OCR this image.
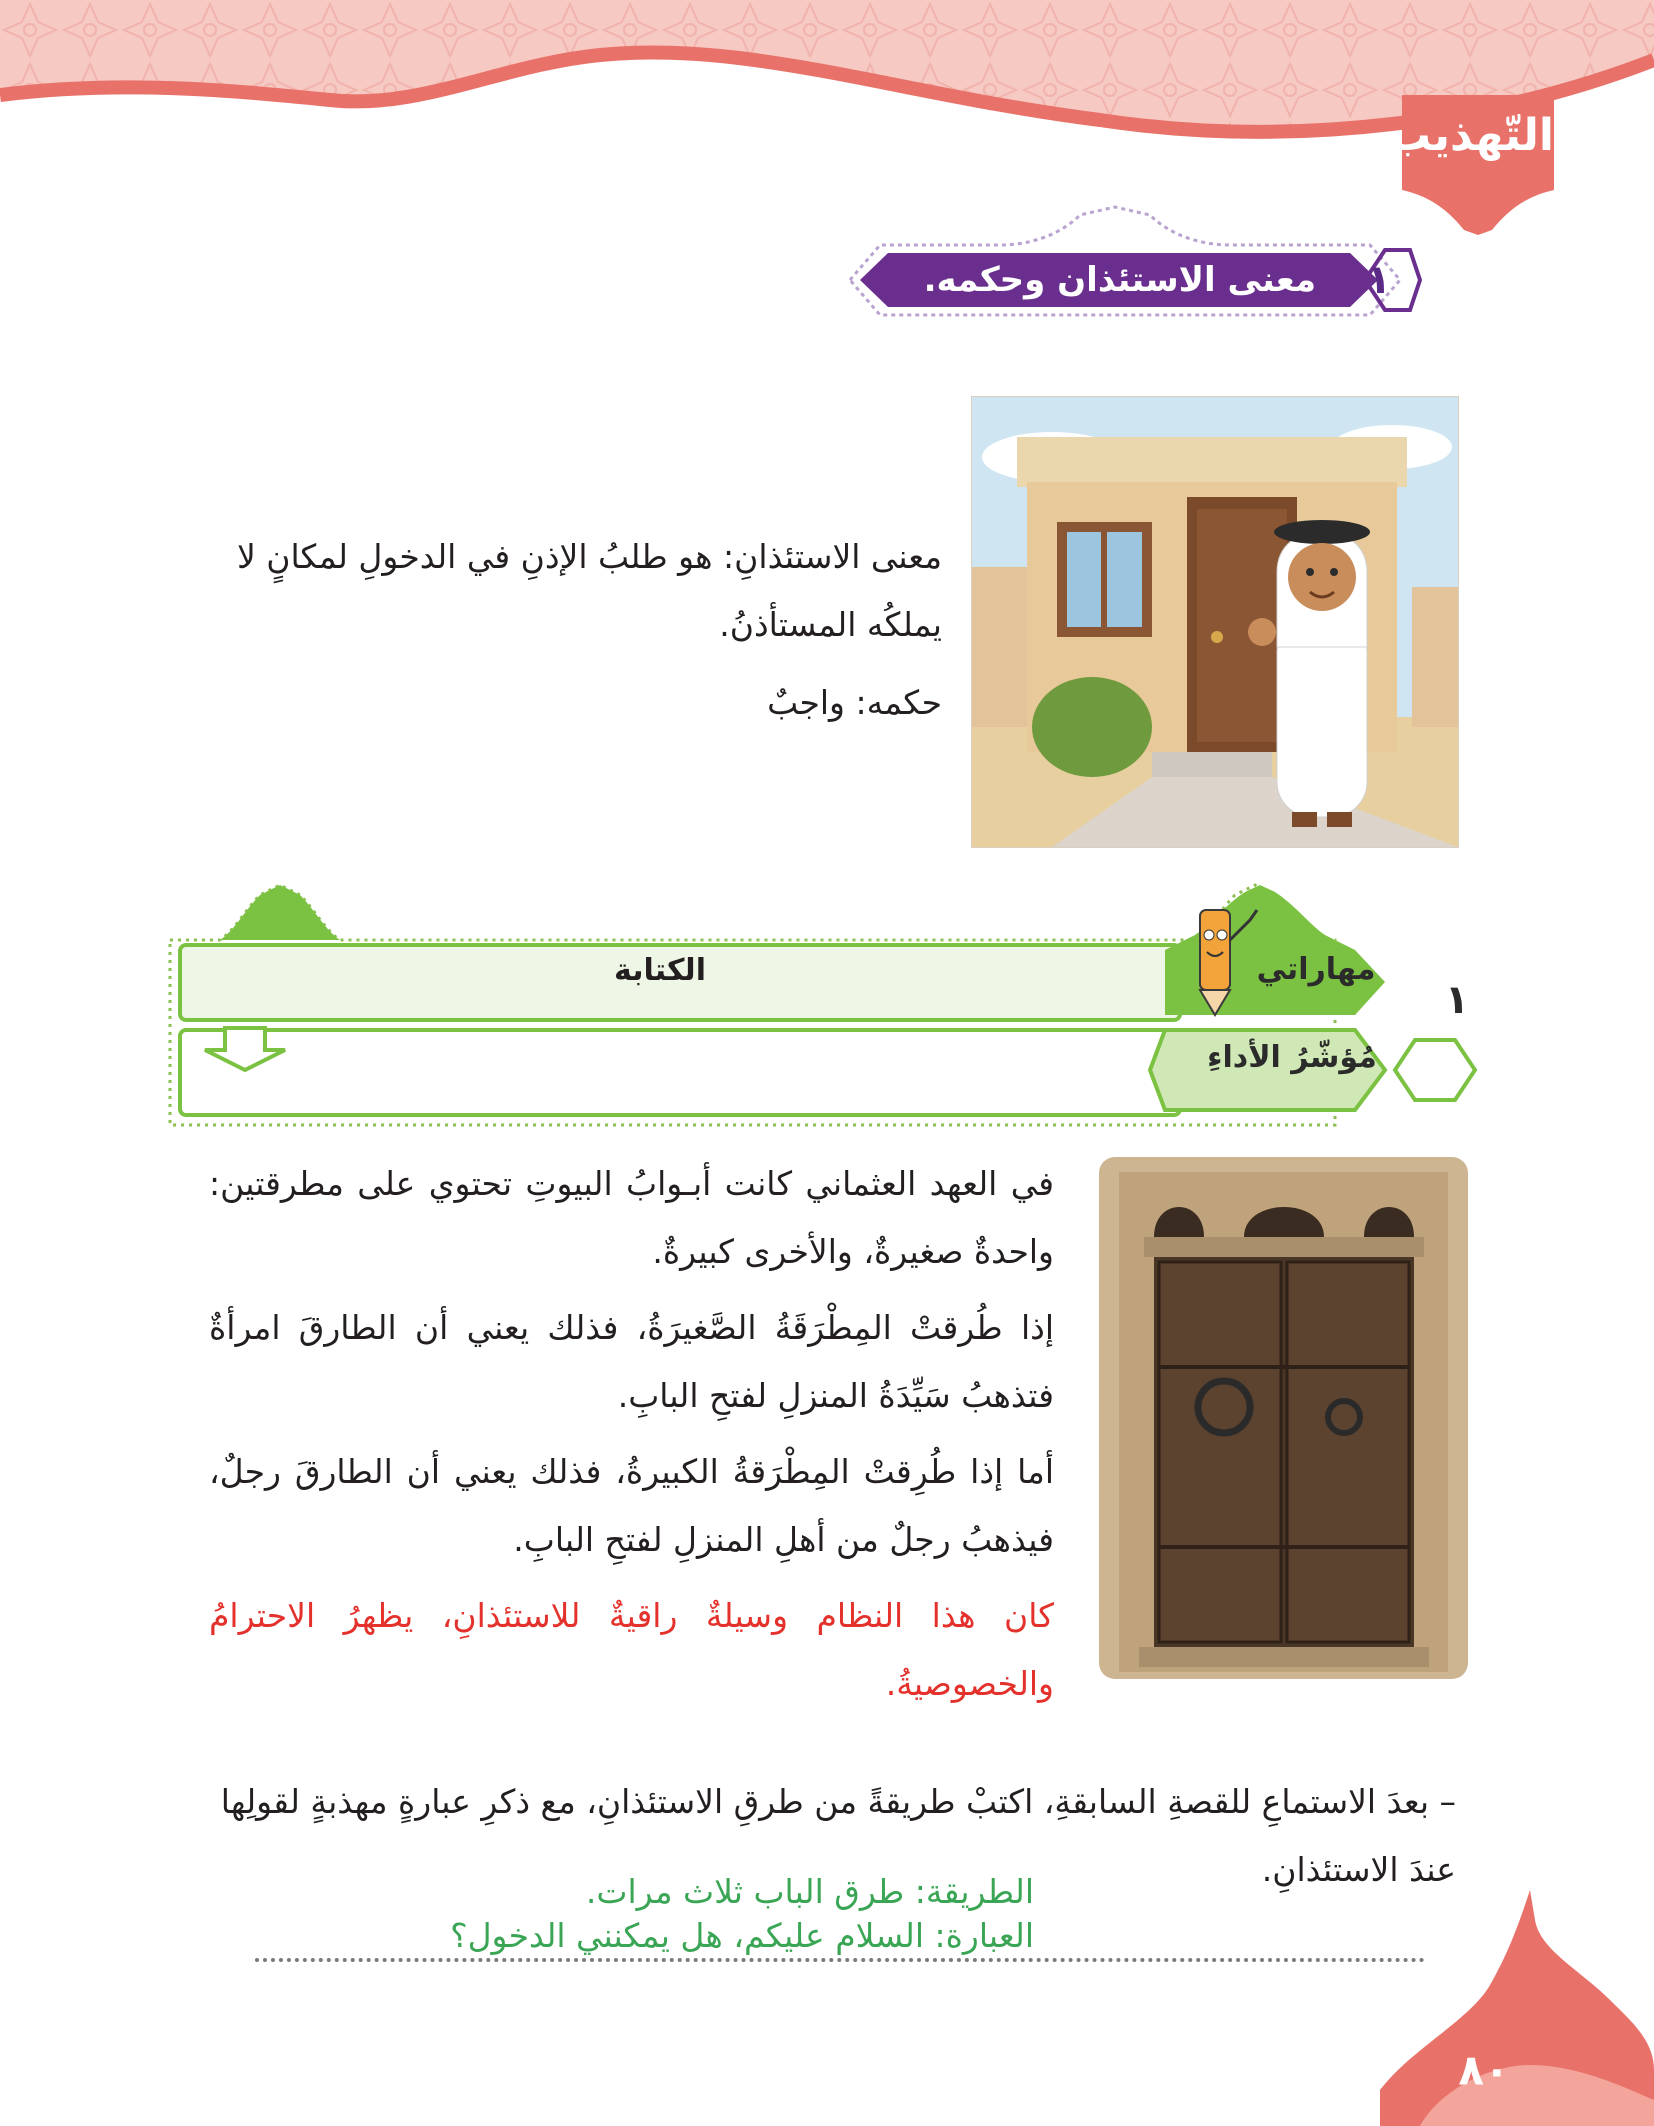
التّهذيب
معنى الاستئذان وحكمه.	١

معنى الاستئذانِ: هو طلبُ الإذنِ في الدخولِ لمكانٍ لا يملكُه المستأذنُ.

حكمه: واجبٌ

الكتابة	مهاراتي
مُؤشّرُ الأداءِ
١

في العهد العثماني كانت أبـوابُ البيوتِ تحتوي على مطرقتين: واحدةٌ صغيرةٌ، والأخرى كبيرةٌ.

إذا طُرقتْ المِطْرَقَةُ الصَّغيرَةُ، فذلك يعني أن الطارقَ امرأةٌ فتذهبُ سَيِّدَةُ المنزلِ لفتحِ البابِ.

أما إذا طُرِقتْ المِطْرَقةُ الكبيرةُ، فذلك يعني أن الطارقَ رجلٌ، فيذهبُ رجلٌ من أهلِ المنزلِ لفتحِ البابِ.

كان هذا النظام وسيلةٌ راقيةٌ للاستئذانِ، يظهرُ الاحترامُ والخصوصيةُ.

– بعدَ الاستماعِ للقصةِ السابقةِ، اكتبْ طريقةً من طرقِ الاستئذانِ، مع ذكرِ عبارةٍ مهذبةٍ لقولِها عندَ الاستئذانِ.

الطريقة: طرق الباب ثلاث مرات.
العبارة: السلام عليكم، هل يمكنني الدخول؟
٨٠
